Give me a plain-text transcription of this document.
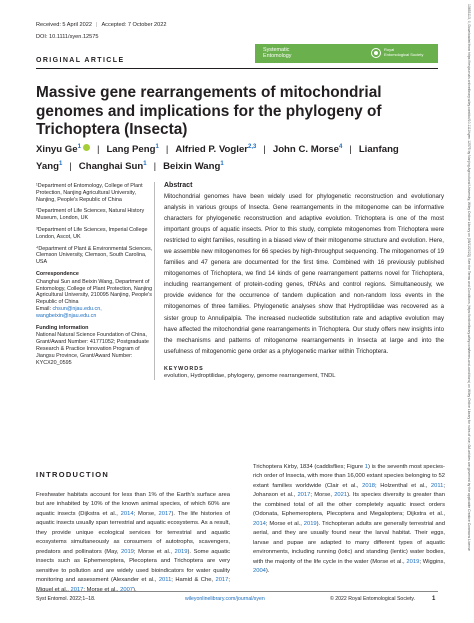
Received: 5 April 2022 | Accepted: 7 October 2022
DOI: 10.1111/syen.12575
Systematic
Entomology
Royal
Entomological Society
ORIGINAL ARTICLE
Massive gene rearrangements of mitochondrial genomes and implications for the phylogeny of Trichoptera (Insecta)
Xinyu Ge$^1$ | Lang Peng$^1$ | Alfried P. Vogler$^{2,3}$ | John C. Morse$^4$ | Lianfang Yang$^1$ | Changhai Sun$^1$ | Beixin Wang$^1$

¹Department of Entomology, College of Plant Protection, Nanjing Agricultural University, Nanjing, People's Republic of China

²Department of Life Sciences, Natural History Museum, London, UK

³Department of Life Sciences, Imperial College London, Ascot, UK

⁴Department of Plant & Environmental Sciences, Clemson University, Clemson, South Carolina, USA

Correspondence
Changhai Sun and Beixin Wang, Department of Entomology, College of Plant Protection, Nanjing Agricultural University, 210095 Nanjing, People's Republic of China

Email: chsun@njau.edu.cn, wangbeixin@njau.edu.cn

Funding information
National Natural Science Foundation of China, Grant/Award Number: 41771052; Postgraduate Research & Practice Innovation Program of Jiangsu Province, Grant/Award Number: KYCX20_0595
Abstract

Mitochondrial genomes have been widely used for phylogenetic reconstruction and evolutionary analysis in various groups of Insecta. Gene rearrangements in the mitogenome can be informative characters for phylogenetic reconstruction and adaptive evolution. Trichoptera is one of the most important groups of aquatic insects. Prior to this study, complete mitogenomes from Trichoptera were restricted to eight families, resulting in a biased view of their mitogenome structure and evolution. Here, we assemble new mitogenomes for 66 species by high-throughput sequencing. The mitogenomes of 19 families and 47 genera are documented for the first time. Combined with 16 previously published mitogenomes of Trichoptera, we find 14 kinds of gene rearrangement patterns novel for Trichoptera, including rearrangement of protein-coding genes, tRNAs and control regions. Simultaneously, we provide evidence for the occurrence of tandem duplication and non-random loss events in the mitogenomes of three families. Phylogenetic analyses show that Hydroptilidae was recovered as a sister group to Annulipalpia. The increased nucleotide substitution rate and adaptive evolution may have affected the mitochondrial gene rearrangements in Trichoptera. Our study offers new insights into the mechanisms and patterns of mitogenome rearrangements in Insecta at large and into the usefulness of mitogenomic gene order as a phylogenetic marker within Trichoptera.

KEYWORDS
evolution, Hydroptilidae, phylogeny, genome rearrangement, TNDL
INTRODUCTION

Freshwater habitats account for less than 1% of the Earth's surface area but are inhabited by 10% of the known animal species, of which 60% are aquatic insects (Dijkstra et al., 2014; Morse, 2017). The life histories of aquatic insects usually span terrestrial and aquatic ecosystems. As a result, they provide unique ecological services for terrestrial and aquatic ecosystems simultaneously as consumers of autotrophs, scavengers, predators and pollinators (May, 2019; Morse et al., 2019). Some aquatic insects such as Ephemeroptera, Plecoptera and Trichoptera are very sensitive to pollution and are widely used bioindicators for water quality monitoring and assessment (Alexander et al., 2011; Hamid & Che, 2017; Miguel et al., 2017; Morse et al., 2007).

Trichoptera Kirby, 1834 (caddisflies; Figure 1) is the seventh most species-rich order of Insecta, with more than 16,000 extant species belonging to 52 extant families worldwide (Clair et al., 2018; Holzenthal et al., 2011; Johanson et al., 2017; Morse, 2021). Its species diversity is greater than the combined total of all the other completely aquatic insect orders (Odonata, Ephemeroptera, Plecoptera and Megaloptera; Dijkstra et al., 2014; Morse et al., 2019). Trichopteran adults are generally terrestrial and aerial, and they are usually found near the larval habitat. Their eggs, larvae and pupae are adapted to many different types of aquatic environments, including running (lotic) and standing (lentic) water bodies, with the majority of the life cycle in the water (Morse et al., 2019; Wiggins, 2004).

Syst Entomol. 2022;1–18.	wileyonlinelibrary.com/journal/syen	© 2022 Royal Entomological Society.	1
13653113, 0, Downloaded from https://resjournals.onlinelibrary.wiley.com/doi/10.1111/syen.12575 by Nanjing Agricultural University, Wiley Online Library on [08/11/2022]. See the Terms and Conditions (https://onlinelibrary.wiley.com/terms-and-conditions) on Wiley Online Library for rules of use; OA articles are governed by the applicable Creative Commons License
